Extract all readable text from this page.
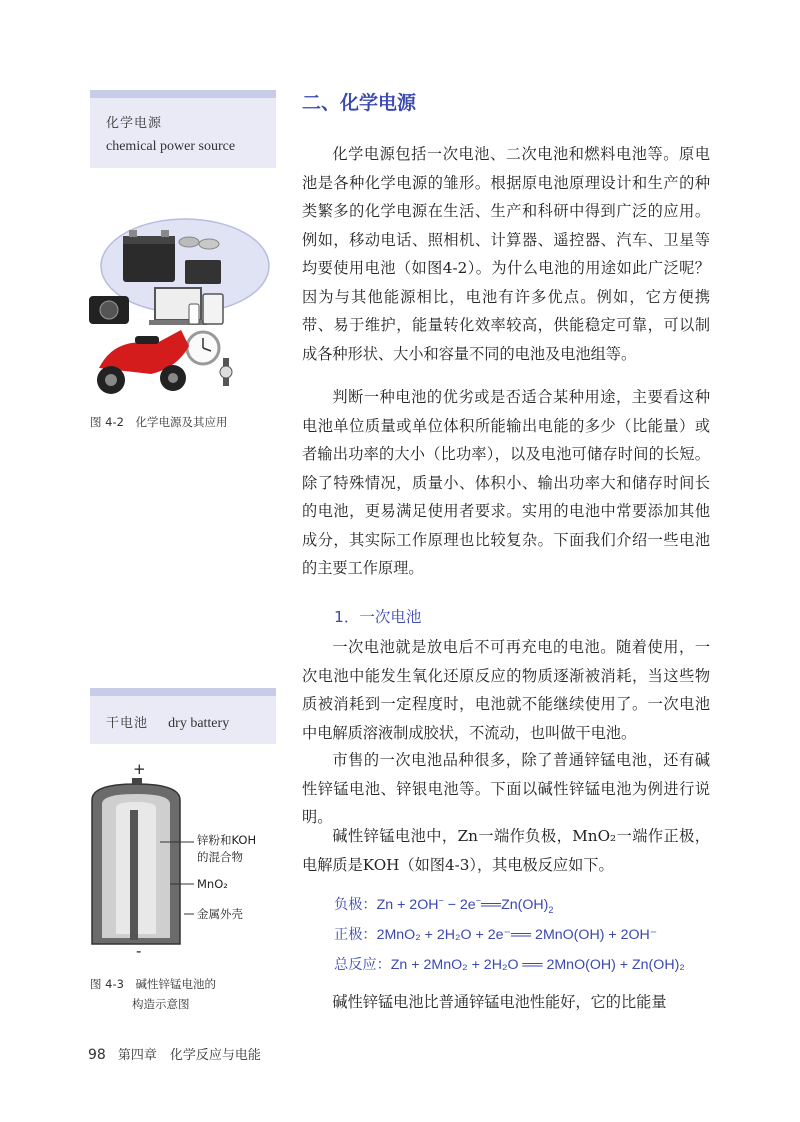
化学电源
chemical power source
图 4-2　化学电源及其应用
二、化学电源

化学电源包括一次电池、二次电池和燃料电池等。原电池是各种化学电源的雏形。根据原电池原理设计和生产的种类繁多的化学电源在生活、生产和科研中得到广泛的应用。例如，移动电话、照相机、计算器、遥控器、汽车、卫星等均要使用电池（如图4-2）。为什么电池的用途如此广泛呢？因为与其他能源相比，电池有许多优点。例如，它方便携带、易于维护，能量转化效率较高，供能稳定可靠，可以制成各种形状、大小和容量不同的电池及电池组等。

判断一种电池的优劣或是否适合某种用途，主要看这种电池单位质量或单位体积所能输出电能的多少（比能量）或者输出功率的大小（比功率），以及电池可储存时间的长短。除了特殊情况，质量小、体积小、输出功率大和储存时间长的电池，更易满足使用者要求。实用的电池中常要添加其他成分，其实际工作原理也比较复杂。下面我们介绍一些电池的主要工作原理。

1．一次电池

一次电池就是放电后不可再充电的电池。随着使用，一次电池中能发生氧化还原反应的物质逐渐被消耗，当这些物质被消耗到一定程度时，电池就不能继续使用了。一次电池中电解质溶液制成胶状，不流动，也叫做干电池。

市售的一次电池品种很多，除了普通锌锰电池，还有碱性锌锰电池、锌银电池等。下面以碱性锌锰电池为例进行说明。

碱性锌锰电池中，Zn一端作负极，MnO₂一端作正极，电解质是KOH（如图4-3），其电极反应如下。

负极：$Zn + 2OH^- - 2e^-══Zn(OH)_2$
正极：2MnO₂ + 2H₂O + 2e⁻══ 2MnO(OH) + 2OH⁻
总反应：Zn + 2MnO₂ + 2H₂O ══ 2MnO(OH) + Zn(OH)₂

碱性锌锰电池比普通锌锰电池性能好，它的比能量

干电池 dry battery
+
-
锌粉和KOH
的混合物
MnO₂
金属外壳
图 4-3　碱性锌锰电池的
构造示意图
98 第四章　化学反应与电能
